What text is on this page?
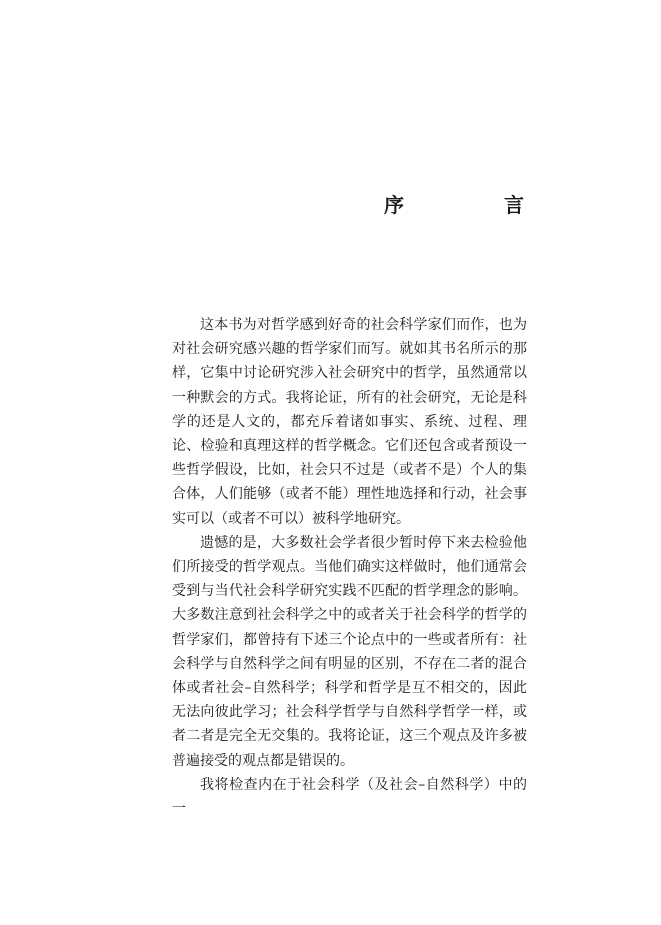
序　言

这本书为对哲学感到好奇的社会科学家们而作，也为对社会研究感兴趣的哲学家们而写。就如其书名所示的那样，它集中讨论研究涉入社会研究中的哲学，虽然通常以一种默会的方式。我将论证，所有的社会研究，无论是科学的还是人文的，都充斥着诸如事实、系统、过程、理论、检验和真理这样的哲学概念。它们还包含或者预设一些哲学假设，比如，社会只不过是（或者不是）个人的集合体，人们能够（或者不能）理性地选择和行动，社会事实可以（或者不可以）被科学地研究。

遗憾的是，大多数社会学者很少暂时停下来去检验他们所接受的哲学观点。当他们确实这样做时，他们通常会受到与当代社会科学研究实践不匹配的哲学理念的影响。大多数注意到社会科学之中的或者关于社会科学的哲学的哲学家们，都曾持有下述三个论点中的一些或者所有：社会科学与自然科学之间有明显的区别，不存在二者的混合体或者社会–自然科学；科学和哲学是互不相交的，因此无法向彼此学习；社会科学哲学与自然科学哲学一样，或者二者是完全无交集的。我将论证，这三个观点及许多被普遍接受的观点都是错误的。

我将检查内在于社会科学（及社会–自然科学）中的一
